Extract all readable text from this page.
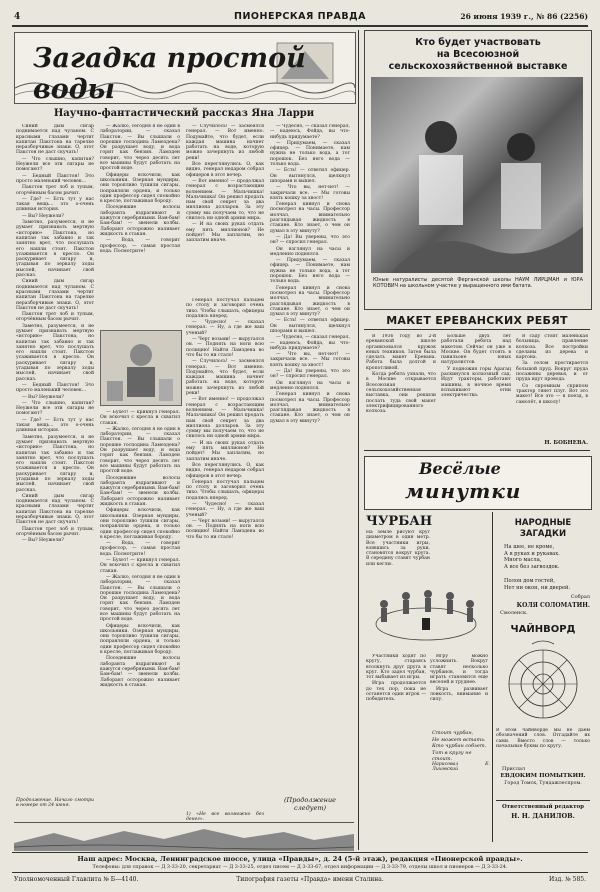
4	ПИОНЕРСКАЯ ПРАВДА	26 июня 1939 г., № 86 (2256)
Загадка простой воды
Научно-фантастический рассказ Яна Ларри

Синий дым сигар поднимается над чуланом. С красными глазами чертит капитан Пакстона на тарелке неразборчивые знаки. О, этот Пакстон не даст скучать!

— Что слышно, капитан? Неужели все эти сигары не помогают?

— Бедный Пакстон! Это просто маленький человек...

Пакстон трет лоб и тупым, огорчённым басом рычит.

— Где? — Есть тут у нас такая вещь... это о-очень длинная история.

— Вы? Неужели?

Заметно, разумеется, и не думает признавать мертвую «историю» Пакстона, но капитан так забавно и так занятно врет, что послушать его нашли стоит. Пакстон усаживается в кресло. Он раскуривает сигару и, угадывая по зеркалу ходы мыслей, начинает свой рассказ.

Синий дым сигар поднимается над чуланом. С красными глазами чертит капитан Пакстона на тарелке неразборчивые знаки. О, этот Пакстон не даст скучать!

Пакстон трет лоб и тупым, огорчённым басом рычит.

Заметно, разумеется, и не думает признавать мертвую «историю» Пакстона, но капитан так забавно и так занятно врет, что послушать его нашли стоит. Пакстон усаживается в кресло. Он раскуривает сигару и, угадывая по зеркалу ходы мыслей, начинает свой рассказ.

— Бедный Пакстон! Это просто маленький человек...

— Вы? Неужели?

— Что слышно, капитан? Неужели все эти сигары не помогают?

— Где? — Есть тут у нас такая вещь... это о-очень длинная история.

Заметно, разумеется, и не думает признавать мертвую «историю» Пакстона, но капитан так забавно и так занятно врет, что послушать его нашли стоит. Пакстон усаживается в кресло. Он раскуривает сигару и, угадывая по зеркалу ходы мыслей, начинает свой рассказ.

Синий дым сигар поднимается над чуланом. С красными глазами чертит капитан Пакстона на тарелке неразборчивые знаки. О, этот Пакстон не даст скучать!

Пакстон трет лоб и тупым, огорчённым басом рычит.

— Вы? Неужели?

Продолжение. Начало смотри в номере от 24 июня.

— Жалко, сегодня я не один в лаборатории, — сказал Пакстон. — Вы слышали о порошке господина Ламездена? Он разрушает воду, и вода горит как бензин. Ламзден говорит, что через десять лет все машины будут работать на простой воде.

Офицеры вскочили, как школьники. Озерная мундиры, они торопливо тушили сигары, поправляли ордена, и только один профессор сидел спокойно в кресле, поглаживая бороду.

Поседевшие волосы лаборанта вздрагивают и кажутся серебряными. Вам-бам! Бам-бам! — звенели колбы. Лаборант осторожно наливает жидкость в стакан.

— Вода, — говорит профессор, — самая простая вода. Посмотрите!

— Бухет! — крикнул генерал. Он вскочил с кресла и схватил стакан.

— Жалко, сегодня я не один в лаборатории, — сказал Пакстон. — Вы слышали о порошке господина Ламездена? Он разрушает воду, и вода горит как бензин. Ламзден говорит, что через десять лет все машины будут работать на простой воде.

Поседевшие волосы лаборанта вздрагивают и кажутся серебряными. Вам-бам! Бам-бам! — звенели колбы. Лаборант осторожно наливает жидкость в стакан.

Офицеры вскочили, как школьники. Озерная мундиры, они торопливо тушили сигары, поправляли ордена, и только один профессор сидел спокойно в кресле, поглаживая бороду.

— Вода, — говорит профессор, — самая простая вода. Посмотрите!

— Бухет! — крикнул генерал. Он вскочил с кресла и схватил стакан.

— Жалко, сегодня я не один в лаборатории, — сказал Пакстон. — Вы слышали о порошке господина Ламездена? Он разрушает воду, и вода горит как бензин. Ламзден говорит, что через десять лет все машины будут работать на простой воде.

Офицеры вскочили, как школьники. Озерная мундиры, они торопливо тушили сигары, поправляли ордена, и только один профессор сидел спокойно в кресле, поглаживая бороду.

Поседевшие волосы лаборанта вздрагивают и кажутся серебряными. Вам-бам! Бам-бам! — звенели колбы. Лаборант осторожно наливает жидкость в стакан.

— Случилось! — засмеялся генерал. — Вот именно. Подумайте, что будет, если каждая машина начнет работать на воде, которую можно зачерпнуть из любой реки!

Все переглянулись. О, как видно, генерал недаром собрал офицеров в этот вечер.

— Вот именно! — продолжал генерал с возрастающим волнением. — Мальчишка! Мальчишка! Он решил продать нам свой секрет за два миллиона долларов. За эту сумму мы получаем то, что не снилось ни одной армии мира.

— И на своих руках отдать ему пять миллионов? Не пойдет! Мы заплатим, но заплатим иначе.

Генерал постучал пальцем по столу и заговорил очень тихо. Чтобы слышать, офицеры подались вперед.

— Чудесно! — сказал генерал. — Ну, а где же ваш ученый?

— Черт возьми! — выругался он. — Поднять на ноги всю полицию! Найти Ламздена во что бы то ни стало!

— Случилось! — засмеялся генерал. — Вот именно. Подумайте, что будет, если каждая машина начнет работать на воде, которую можно зачерпнуть из любой реки!

— Вот именно! — продолжал генерал с возрастающим волнением. — Мальчишка! Мальчишка! Он решил продать нам свой секрет за два миллиона долларов. За эту сумму мы получаем то, что не снилось ни одной армии мира.

— И на своих руках отдать ему пять миллионов? Не пойдет! Мы заплатим, но заплатим иначе.

Все переглянулись. О, как видно, генерал недаром собрал офицеров в этот вечер.

Генерал постучал пальцем по столу и заговорил очень тихо. Чтобы слышать, офицеры подались вперед.

— Чудесно! — сказал генерал. — Ну, а где же ваш ученый?

— Черт возьми! — выругался он. — Поднять на ноги всю полицию! Найти Ламздена во что бы то ни стало!

1) «Не все возможно без денег».

— Чудесно, — сказал генерал, — надеюсь, Фойда, вы что-нибудь придумаете?

— Придумаем, — сказал офицер. — Понимаете, нам нужна не только вода, а тот порошок. Без него вода — только вода.

— Есть! — ответил офицер. Он вытянулся, щелкнул шпорами и вышел.

— Что вы, нет-нет! — закричали все. — Мы готовы взять кошку за хвост!

Генерал кивнул и снова посмотрел на часы. Профессор молчал, внимательно разглядывая жидкость в стакане. Кто знает, о чем он думал в эту минуту?

— Да! Вы уверены, что это он? — спросил генерал.

Он взглянул на часы и медленно поднялся.

— Придумаем, — сказал офицер. — Понимаете, нам нужна не только вода, а тот порошок. Без него вода — только вода.

Генерал кивнул и снова посмотрел на часы. Профессор молчал, внимательно разглядывая жидкость в стакане. Кто знает, о чем он думал в эту минуту?

— Есть! — ответил офицер. Он вытянулся, щелкнул шпорами и вышел.

— Чудесно, — сказал генерал, — надеюсь, Фойда, вы что-нибудь придумаете?

— Что вы, нет-нет! — закричали все. — Мы готовы взять кошку за хвост!

— Да! Вы уверены, что это он? — спросил генерал.

Он взглянул на часы и медленно поднялся.

Генерал кивнул и снова посмотрел на часы. Профессор молчал, внимательно разглядывая жидкость в стакане. Кто знает, о чем он думал в эту минуту?

(Продолжение следует)
Кто будет участвовать
на Всесоюзной
сельскохозяйственной выставке
Юные натуралисты десятой Ферганской школы НАУМ ЛИРЦМАН и ЮРА КОТОВИЧ на школьном участке у выращенного ими батата.
МАКЕТ ЕРЕВАНСКИХ РЕБЯТ

В 1936 году во 2-й ереванской школе организовался кружок юных техников. Затея была сделать макет Еревана. Работа была долгой и кропотливой.

Когда ребята узнали, что в Москве открывается Всесоюзная сельскохозяйственная выставка, они решили послать туда свой макет электрифицированного колхоза.

Больше двух лет работали ребята над макетом. Сейчас он уже в Москве. Он будет стоять в павильоне юных натуралистов.

У подножия горы Арагац раскинулся колхозный сад. Идут тракторы, работают машины, в ночное время вспыхивают огни электричества.

В саду стоит маленькая больница, правление колхоза. Все постройки сделаны из дерева и картона.

За селом простирается большой пруд. Вокруг пруда посажены деревья, и от пруда идут провода.

Со скромным скрипом трактор тянет плуг. Вот это макет! Все это — в поезд, в самолёт, в школу!

Н. БОБНЕВА.
Весёлые
минутки
ЧУРБАН
На земле рисуют круг диаметром в один метр. Все участники игры, взявшись за руки, становятся вокруг круга. В середину ставят чурбан или кеглю.

Участники ходят по кругу, стараясь втолкнуть друг друга в круг. Кто задел чурбан, тот выбывает из игры.

Игра продолжается до тех пор, пока не останется один игрок — победитель.

Игру можно усложнить. Вокруг ставят несколько чурбанов, и тогда играть становится еще веселей и труднее.

Игра развивает ловкость, внимание и силу.

Стоит чурбан,
Не может встать.
Кто чурбан собьет,
Тот в кругу не стоит.
Нарисовал Е. Лиховский
НАРОДНЫЕ
ЗАГАДКИ
На шее, не кроме,
А в руках и рукавах.
Много масла,
А все без загвоздок.
Полон дом гостей,
Нет ни окон, ни дверей.
Собрал
КОЛЯ СОЛОМАТИН.
Смоленск.
ЧАЙНВОРД
В этом чайнворде мы не даем обозначений слов. Отгадайте их сами. Вместо слов — только начальные буквы по кругу.
Прислал
ЕВДОКИМ ПОМЫТКИН.
Город Томск, Тундажлеспром.
Ответственный редактор
Н. Н. ДАНИЛОВ.
Наш адрес: Москва, Ленинградское шоссе, улица «Правды», д. 24 (5-й этаж), редакция «Пионерской правды».
Телефоны: для справок — Д 3-33-20, секретариат — Д 3-33-25, отдел писем — Д 3-33-67, отдел информации — Д 3-33-79, отделы школ и пионеров — Д 3-33-24.
Уполномоченный Главлита № Б—4140.	Типография газеты «Правда» имени Сталина.	Изд. № 585.
